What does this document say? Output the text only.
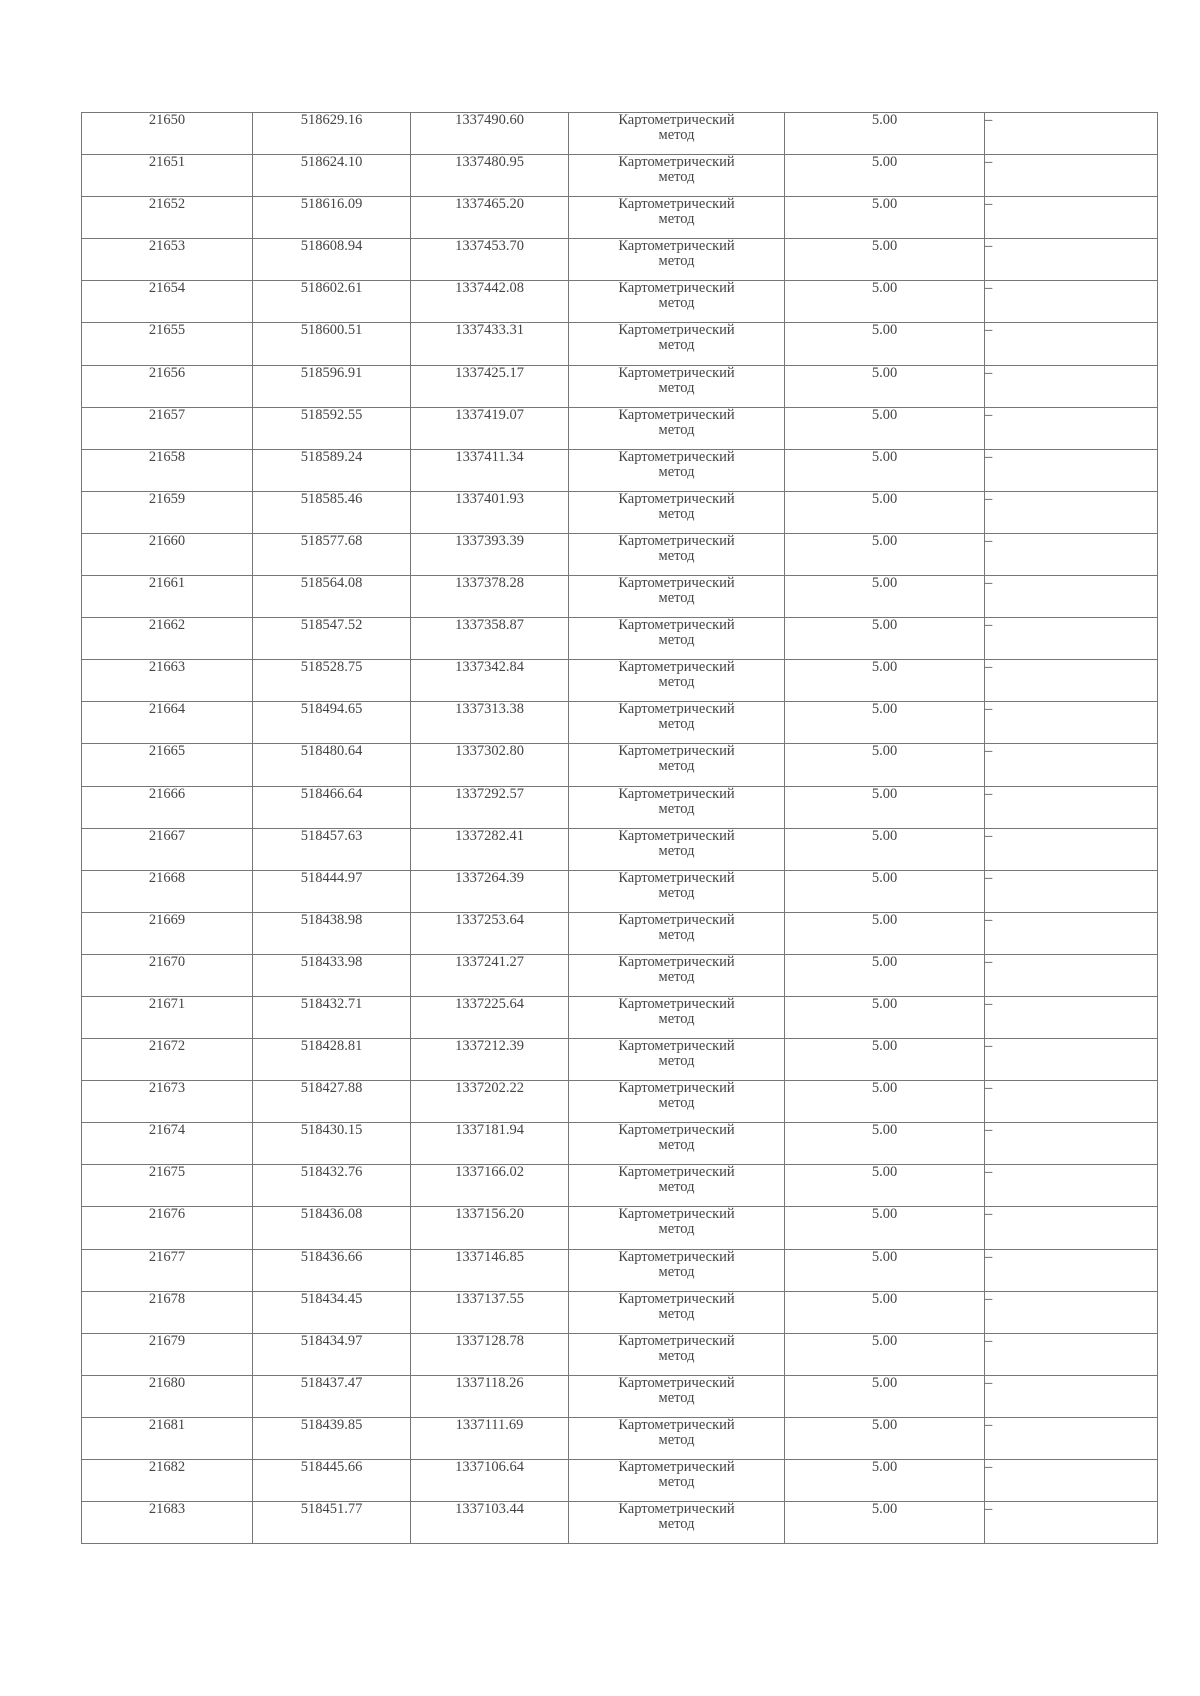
21650	518629.16	1337490.60	Картометрический
метод	5.00	–
21651	518624.10	1337480.95	Картометрический
метод	5.00	–
21652	518616.09	1337465.20	Картометрический
метод	5.00	–
21653	518608.94	1337453.70	Картометрический
метод	5.00	–
21654	518602.61	1337442.08	Картометрический
метод	5.00	–
21655	518600.51	1337433.31	Картометрический
метод	5.00	–
21656	518596.91	1337425.17	Картометрический
метод	5.00	–
21657	518592.55	1337419.07	Картометрический
метод	5.00	–
21658	518589.24	1337411.34	Картометрический
метод	5.00	–
21659	518585.46	1337401.93	Картометрический
метод	5.00	–
21660	518577.68	1337393.39	Картометрический
метод	5.00	–
21661	518564.08	1337378.28	Картометрический
метод	5.00	–
21662	518547.52	1337358.87	Картометрический
метод	5.00	–
21663	518528.75	1337342.84	Картометрический
метод	5.00	–
21664	518494.65	1337313.38	Картометрический
метод	5.00	–
21665	518480.64	1337302.80	Картометрический
метод	5.00	–
21666	518466.64	1337292.57	Картометрический
метод	5.00	–
21667	518457.63	1337282.41	Картометрический
метод	5.00	–
21668	518444.97	1337264.39	Картометрический
метод	5.00	–
21669	518438.98	1337253.64	Картометрический
метод	5.00	–
21670	518433.98	1337241.27	Картометрический
метод	5.00	–
21671	518432.71	1337225.64	Картометрический
метод	5.00	–
21672	518428.81	1337212.39	Картометрический
метод	5.00	–
21673	518427.88	1337202.22	Картометрический
метод	5.00	–
21674	518430.15	1337181.94	Картометрический
метод	5.00	–
21675	518432.76	1337166.02	Картометрический
метод	5.00	–
21676	518436.08	1337156.20	Картометрический
метод	5.00	–
21677	518436.66	1337146.85	Картометрический
метод	5.00	–
21678	518434.45	1337137.55	Картометрический
метод	5.00	–
21679	518434.97	1337128.78	Картометрический
метод	5.00	–
21680	518437.47	1337118.26	Картометрический
метод	5.00	–
21681	518439.85	1337111.69	Картометрический
метод	5.00	–
21682	518445.66	1337106.64	Картометрический
метод	5.00	–
21683	518451.77	1337103.44	Картометрический
метод	5.00	–
